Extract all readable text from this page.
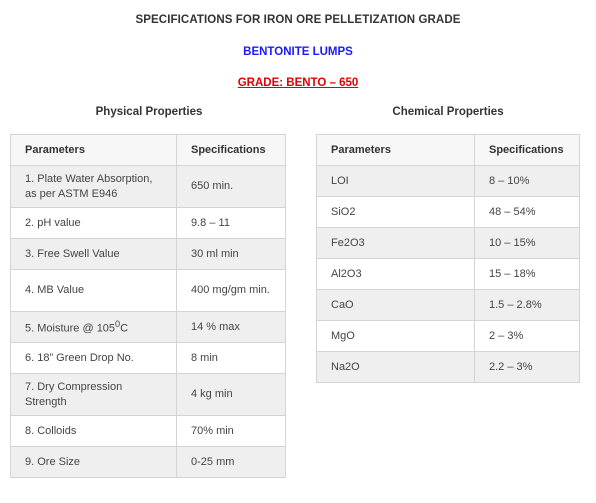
SPECIFICATIONS FOR IRON ORE PELLETIZATION GRADE
BENTONITE LUMPS
GRADE: BENTO – 650
Physical Properties	Chemical Properties
Parameters	Specifications
1. Plate Water Absorption, as per ASTM E946	650 min.
2. pH value	9.8 – 11
3. Free Swell Value	30 ml min
4. MB Value	400 mg/gm min.
5. Moisture @ $105^0C$	14 % max
6. 18” Green Drop No.	8 min
7. Dry Compression Strength	4 kg min
8. Colloids	70% min
9. Ore Size	0-25 mm
Parameters	Specifications
LOI	8 – 10%
SiO2	48 – 54%
Fe2O3	10 – 15%
Al2O3	15 – 18%
CaO	1.5 – 2.8%
MgO	2 – 3%
Na2O	2.2 – 3%
